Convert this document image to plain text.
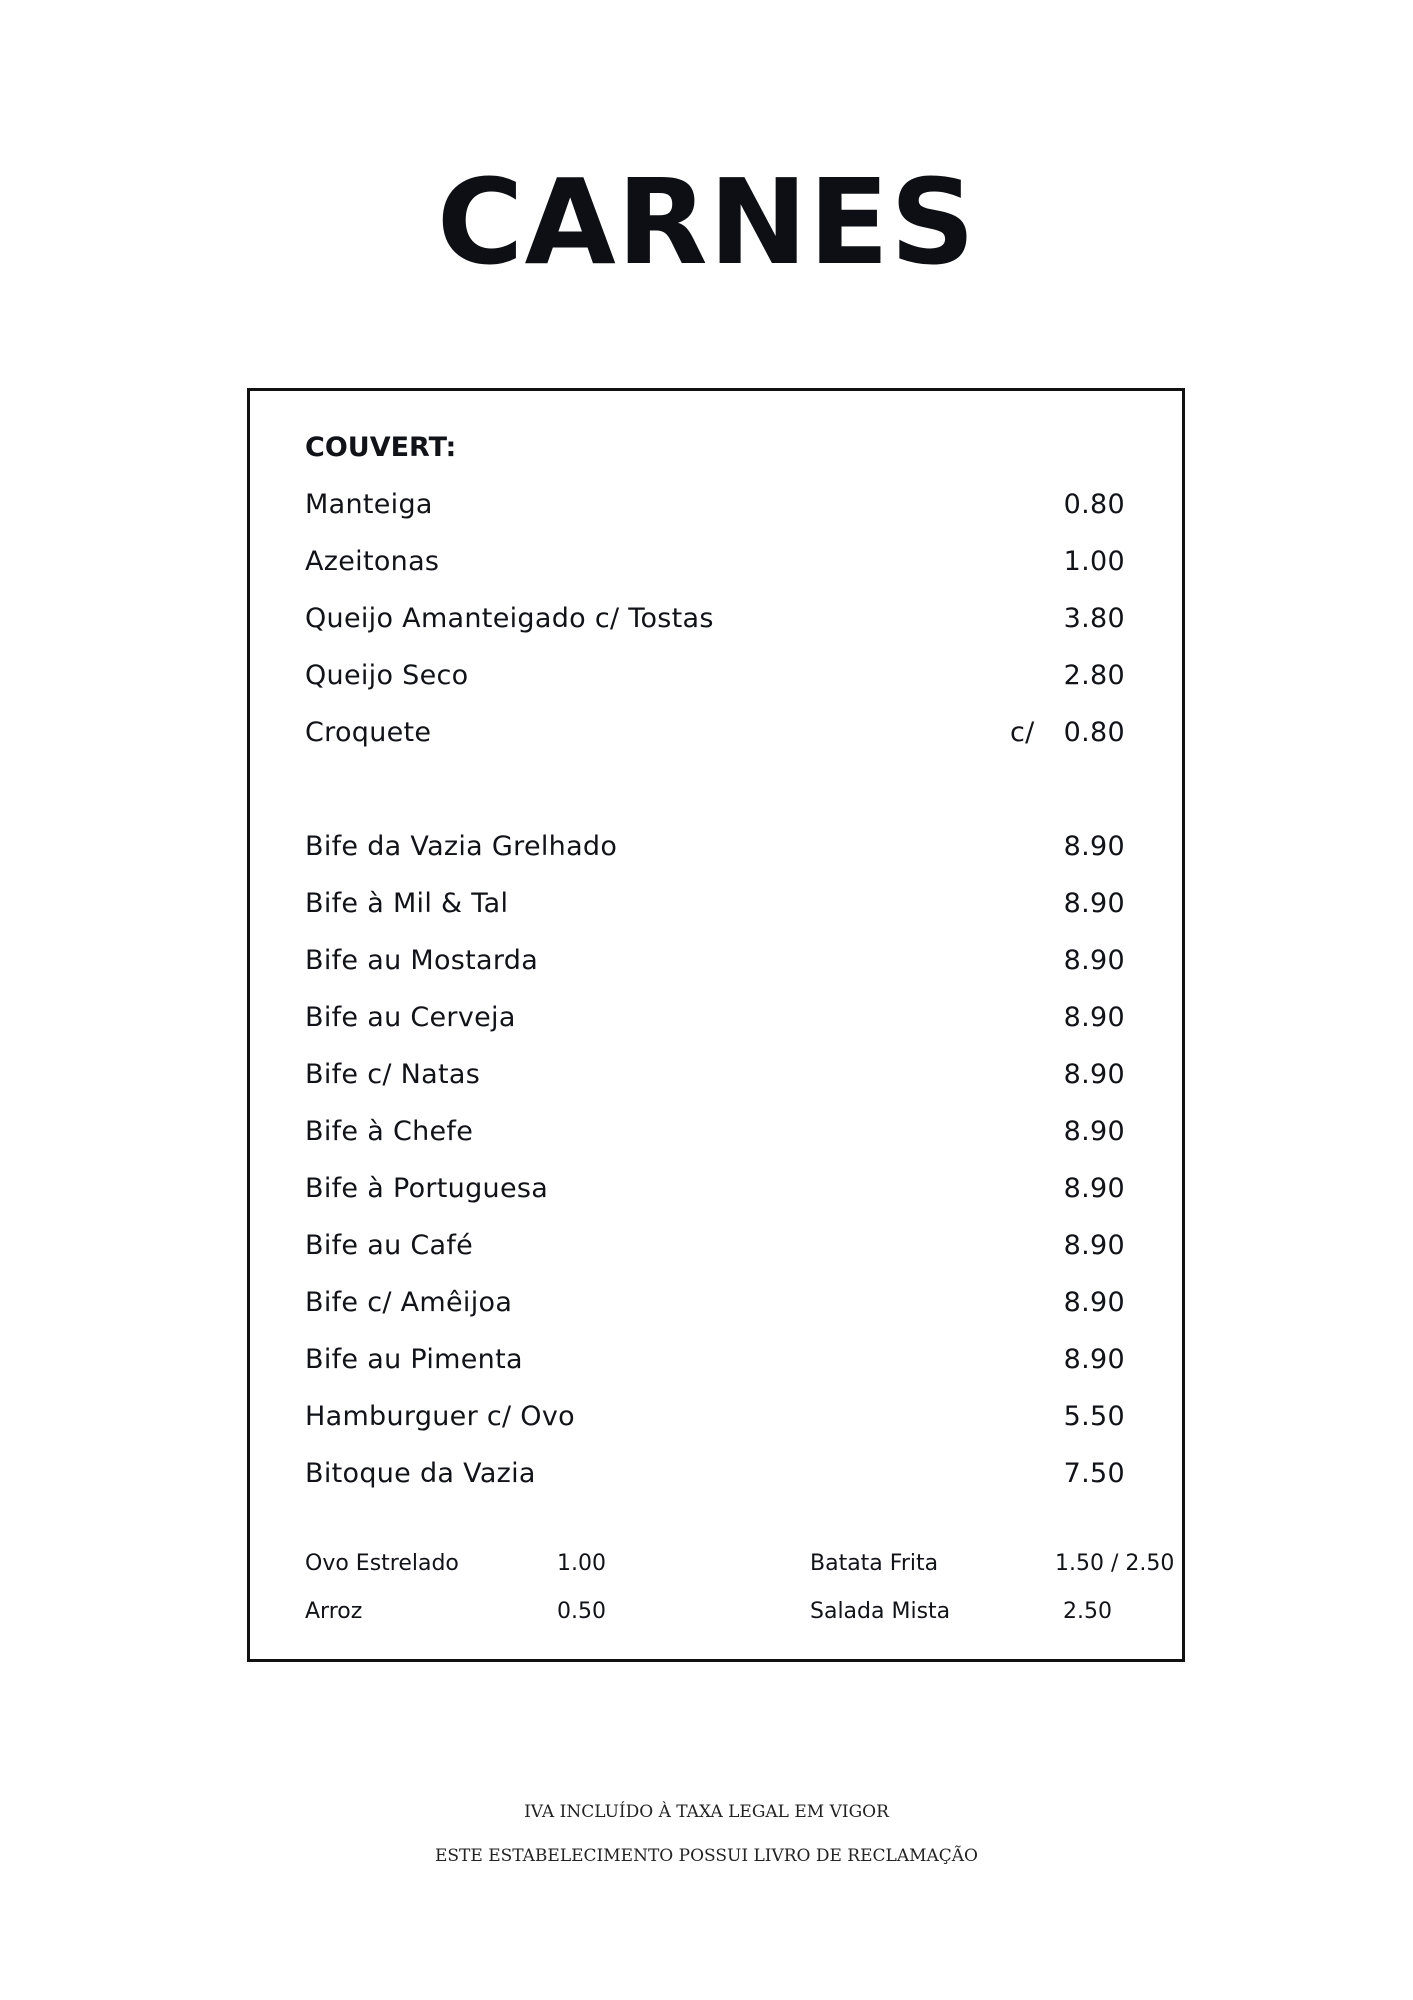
CARNES
COUVERT:
Manteiga	0.80
Azeitonas	1.00
Queijo Amanteigado c/ Tostas	3.80
Queijo Seco	2.80
Croquete	c/	0.80
Bife da Vazia Grelhado	8.90
Bife à Mil & Tal	8.90
Bife au Mostarda	8.90
Bife au Cerveja	8.90
Bife c/ Natas	8.90
Bife à Chefe	8.90
Bife à Portuguesa	8.90
Bife au Café	8.90
Bife c/ Amêijoa	8.90
Bife au Pimenta	8.90
Hamburguer c/ Ovo	5.50
Bitoque da Vazia	7.50
Ovo Estrelado	1.00	Batata Frita	1.50 / 2.50
Arroz	0.50	Salada Mista	2.50
IVA INCLUÍDO À TAXA LEGAL EM VIGOR
ESTE ESTABELECIMENTO POSSUI LIVRO DE RECLAMAÇÃO
